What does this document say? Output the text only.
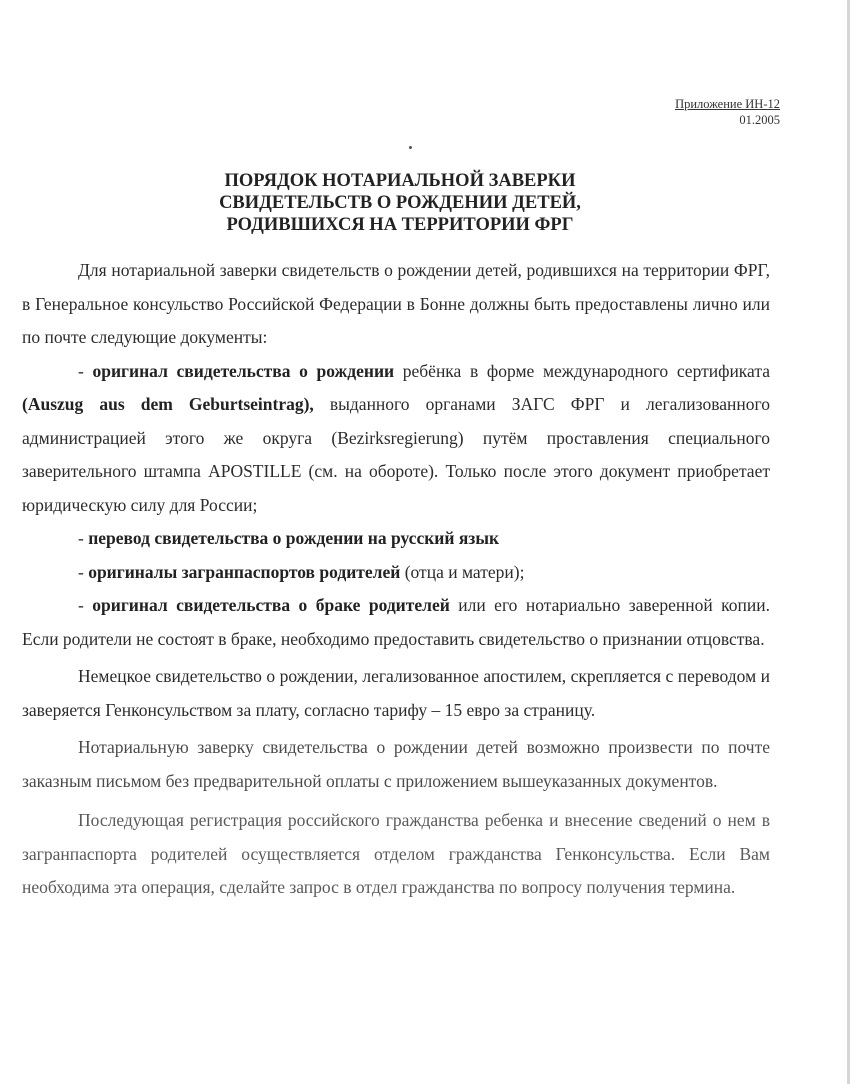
Приложение ИН-12
01.2005
ПОРЯДОК НОТАРИАЛЬНОЙ ЗАВЕРКИ
СВИДЕТЕЛЬСТВ О РОЖДЕНИИ ДЕТЕЙ,
РОДИВШИХСЯ НА ТЕРРИТОРИИ ФРГ

Для нотариальной заверки свидетельств о рождении детей, родившихся на территории ФРГ, в Генеральное консульство Российской Федерации в Бонне должны быть предоставлены лично или по почте следующие документы:

- оригинал свидетельства о рождении ребёнка в форме международного сертификата (Auszug aus dem Geburtseintrag), выданного органами ЗАГС ФРГ и легализованного администрацией этого же округа (Bezirksregierung) путём проставления специального заверительного штампа APOSTILLE (см. на обороте). Только после этого документ приобретает юридическую силу для России;

- перевод свидетельства о рождении на русский язык

- оригиналы загранпаспортов родителей (отца и матери);

- оригинал свидетельства о браке родителей или его нотариально заверенной копии. Если родители не состоят в браке, необходимо предоставить свидетельство о признании отцовства.

Немецкое свидетельство о рождении, легализованное апостилем, скрепляется с переводом и заверяется Генконсульством за плату, согласно тарифу – 15 евро за страницу.

Нотариальную заверку свидетельства о рождении детей возможно произвести по почте заказным письмом без предварительной оплаты с приложением вышеуказанных документов.

Последующая регистрация российского гражданства ребенка и внесение сведений о нем в загранпаспорта родителей осуществляется отделом гражданства Генконсульства. Если Вам необходима эта операция, сделайте запрос в отдел гражданства по вопросу получения термина.
